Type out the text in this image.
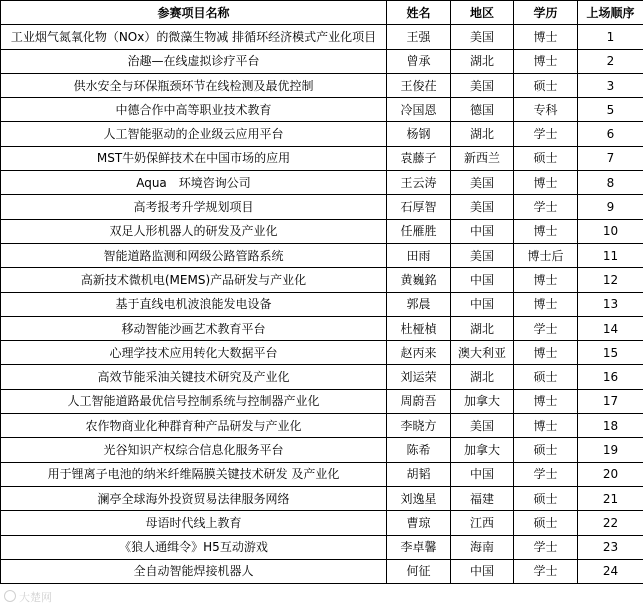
参赛项目名称	姓名	地区	学历	上场顺序
工业烟气氮氧化物（NOx）的微藻生物减 排循环经济模式产业化项目	王强	美国	博士	1
治趣—在线虚拟诊疗平台	曾承	湖北	博士	2
供水安全与环保瓶颈环节在线检测及最优控制	王俊茌	美国	硕士	3
中德合作中高等职业技术教育	冷国恩	德国	专科	5
人工智能驱动的企业级云应用平台	杨钢	湖北	学士	6
MST牛奶保鲜技术在中国市场的应用	袁藤子	新西兰	硕士	7
Aqua　环境咨询公司	王云涛	美国	博士	8
高考报考升学规划项目	石厚智	美国	学士	9
双足人形机器人的研发及产业化	任雁胜	中国	博士	10
智能道路监测和网级公路管路系统	田雨	美国	博士后	11
高新技术微机电(MEMS)产品研发与产业化	黄巍銘	中国	博士	12
基于直线电机波浪能发电设备	郭晨	中国	博士	13
移动智能沙画艺术教育平台	杜桠楨	湖北	学士	14
心理学技术应用转化大数据平台	赵丙来	澳大利亚	博士	15
高效节能采油关键技术研究及产业化	刘运荣	湖北	硕士	16
人工智能道路最优信号控制系统与控制器产业化	周蔚吾	加拿大	博士	17
农作物商业化种群育种产品研发与产业化	李晓方	美国	博士	18
光谷知识产权综合信息化服务平台	陈希	加拿大	硕士	19
用于锂离子电池的纳米纤维隔膜关键技术研发 及产业化	胡韬	中国	学士	20
澜亭全球海外投资贸易法律服务网络	刘逸星	福建	硕士	21
母语时代线上教育	曹琼	江西	硕士	22
《狼人通缉令》H5互动游戏	李卓馨	海南	学士	23
全自动智能焊接机器人	何征	中国	学士	24
大楚网
